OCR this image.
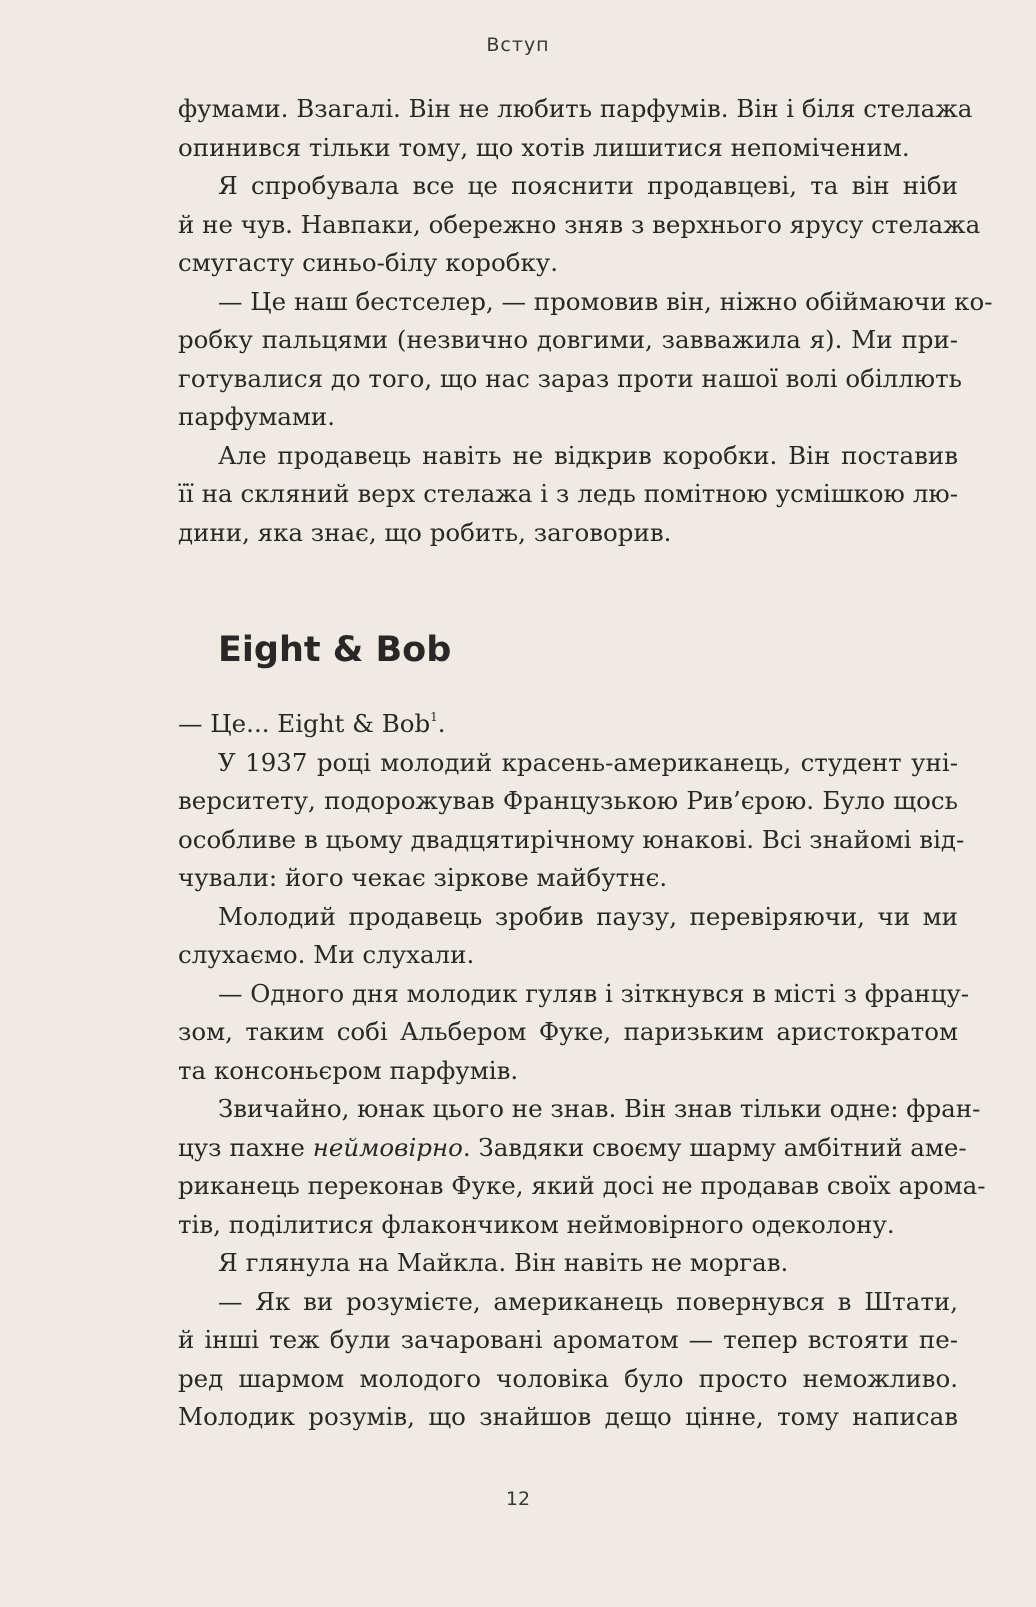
Вступ
фумами. Взагалі. Він не любить парфумів. Він і біля стелажа
опинився тільки тому, що хотів лишитися непоміченим.
Я спробувала все це пояснити продавцеві, та він ніби
й не чув. Навпаки, обережно зняв з верхнього ярусу стелажа
смугасту синьо-білу коробку.
— Це наш бестселер, — промовив він, ніжно обіймаючи ко-
робку пальцями (незвично довгими, завважила я). Ми при-
готувалися до того, що нас зараз проти нашої волі обіллють
парфумами.
Але продавець навіть не відкрив коробки. Він поставив
її на скляний верх стелажа і з ледь помітною усмішкою лю-
дини, яка знає, що робить, заговорив.
Eight & Bob
— Це... Eight & Bob$^1$.
У 1937 році молодий красень-американець, студент уні-
верситету, подорожував Французькою Рив’єрою. Було щось
особливе в цьому двадцятирічному юнакові. Всі знайомі від-
чували: його чекає зіркове майбутнє.
Молодий продавець зробив паузу, перевіряючи, чи ми
слухаємо. Ми слухали.
— Одного дня молодик гуляв і зіткнувся в місті з францу-
зом, таким собі Альбером Фуке, паризьким аристократом
та консоньєром парфумів.
Звичайно, юнак цього не знав. Він знав тільки одне: фран-
цуз пахне неймовірно. Завдяки своєму шарму амбітний аме-
риканець переконав Фуке, який досі не продавав своїх арома-
тів, поділитися флакончиком неймовірного одеколону.
Я глянула на Майкла. Він навіть не моргав.
— Як ви розумієте, американець повернувся в Штати,
й інші теж були зачаровані ароматом — тепер встояти пе-
ред шармом молодого чоловіка було просто неможливо.
Молодик розумів, що знайшов дещо цінне, тому написав
12
